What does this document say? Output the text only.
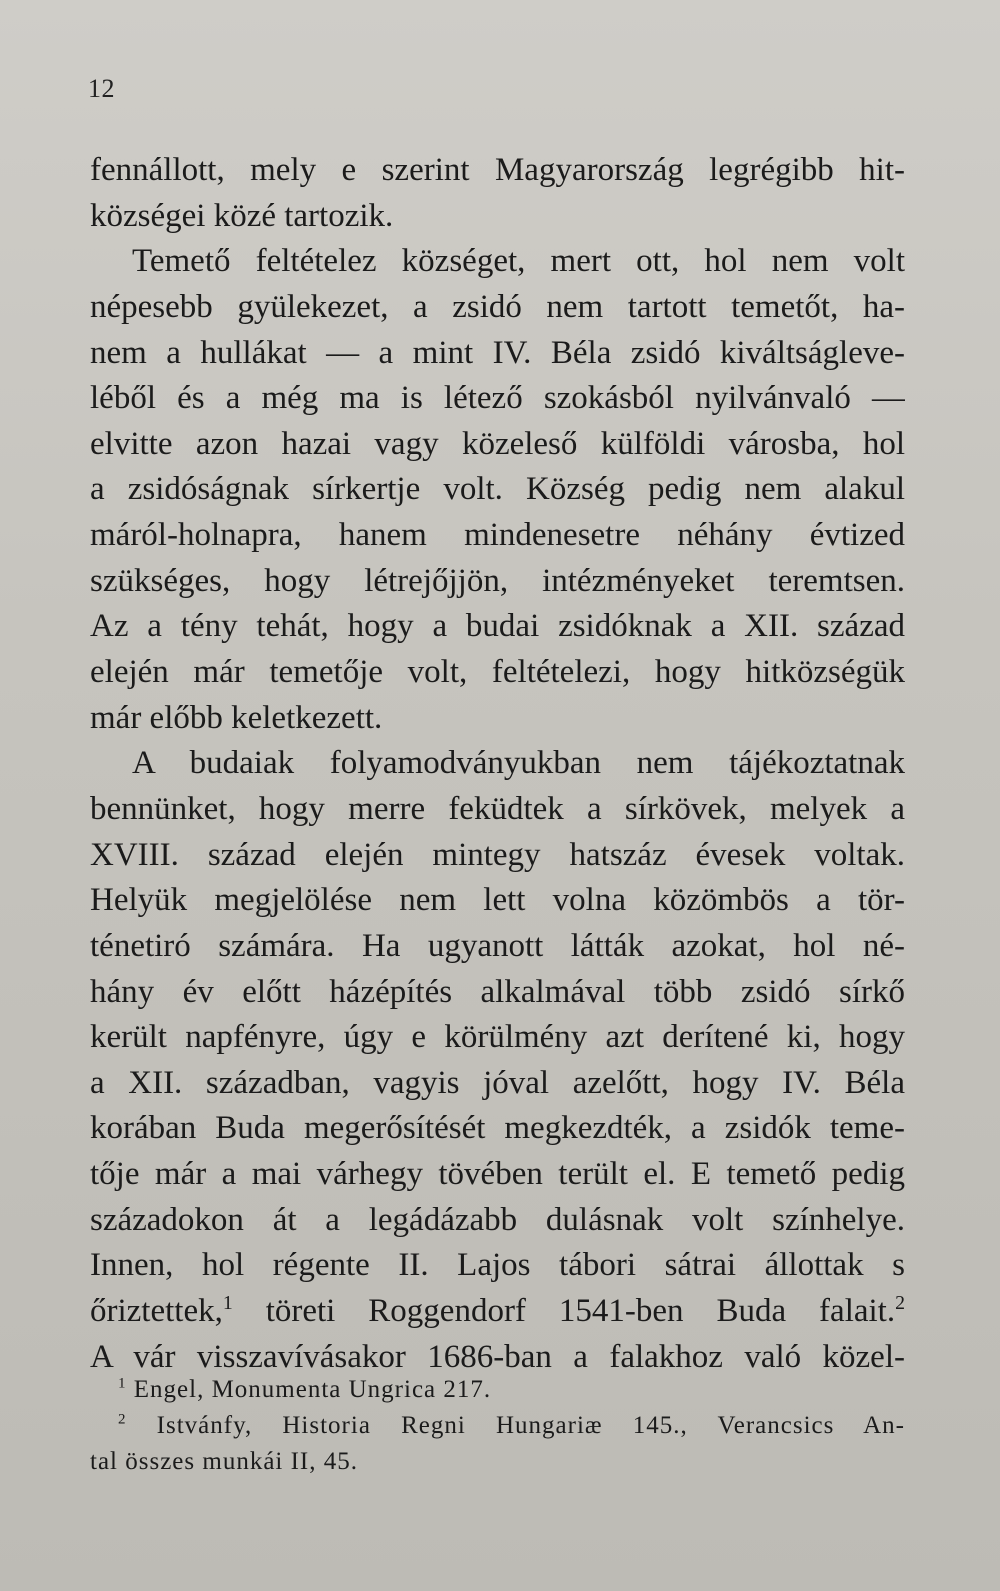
12
fennállott, mely e szerint Magyarország legrégibb hit-
községei közé tartozik.
Temető feltételez községet, mert ott, hol nem volt
népesebb gyülekezet, a zsidó nem tartott temetőt, ha-
nem a hullákat — a mint IV. Béla zsidó kiváltságleve-
léből és a még ma is létező szokásból nyilvánvaló —
elvitte azon hazai vagy közeleső külföldi városba, hol
a zsidóságnak sírkertje volt. Község pedig nem alakul
máról-holnapra, hanem mindenesetre néhány évtized
szükséges, hogy létrejőjjön, intézményeket teremtsen.
Az a tény tehát, hogy a budai zsidóknak a XII. század
elején már temetője volt, feltételezi, hogy hitközségük
már előbb keletkezett.
A budaiak folyamodványukban nem tájékoztatnak
bennünket, hogy merre feküdtek a sírkövek, melyek a
XVIII. század elején mintegy hatszáz évesek voltak.
Helyük megjelölése nem lett volna közömbös a tör-
ténetiró számára. Ha ugyanott látták azokat, hol né-
hány év előtt házépítés alkalmával több zsidó sírkő
került napfényre, úgy e körülmény azt derítené ki, hogy
a XII. században, vagyis jóval azelőtt, hogy IV. Béla
korában Buda megerősítését megkezdték, a zsidók teme-
tője már a mai várhegy tövében terült el. E temető pedig
századokon át a legádázabb dulásnak volt színhelye.
Innen, hol régente II. Lajos tábori sátrai állottak s
őriztettek,$^1$ töreti Roggendorf 1541-ben Buda falait.$^2$
A vár visszavívásakor 1686-ban a falakhoz való közel-
$^1$ Engel, Monumenta Ungrica 217.
$^2$ Istvánfy, Historia Regni Hungariæ 145., Verancsics An-
tal összes munkái II, 45.
